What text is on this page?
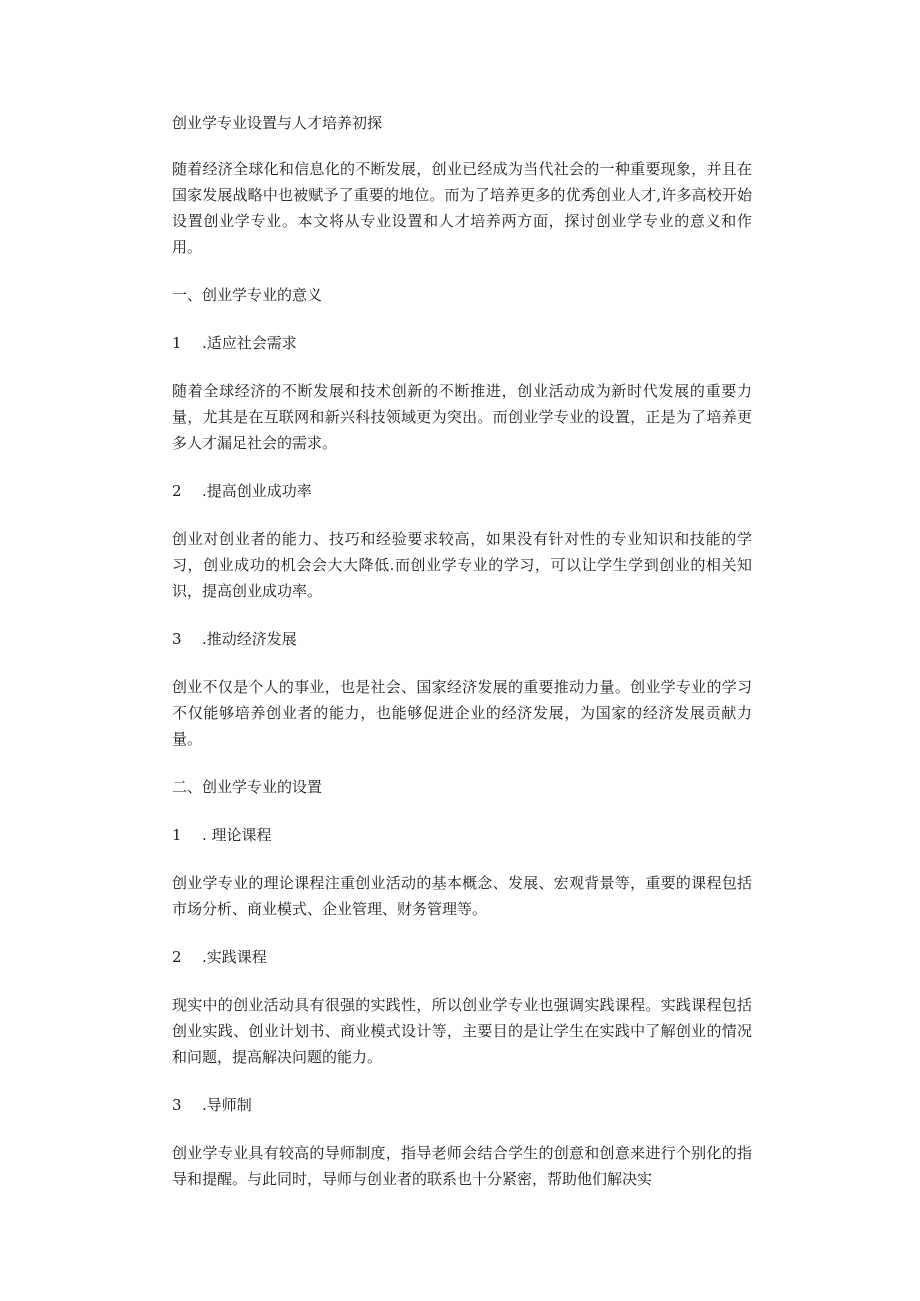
创业学专业设置与人才培养初探
随着经济全球化和信息化的不断发展，创业已经成为当代社会的一种重要现象，并且在国家发展战略中也被赋予了重要的地位。而为了培养更多的优秀创业人才,许多高校开始设置创业学专业。本文将从专业设置和人才培养两方面，探讨创业学专业的意义和作用。
一、创业学专业的意义
1 .适应社会需求
随着全球经济的不断发展和技术创新的不断推进，创业活动成为新时代发展的重要力量，尤其是在互联网和新兴科技领域更为突出。而创业学专业的设置，正是为了培养更多人才漏足社会的需求。
2 .提高创业成功率
创业对创业者的能力、技巧和经验要求较高，如果没有针对性的专业知识和技能的学习，创业成功的机会会大大降低.而创业学专业的学习，可以让学生学到创业的相关知识，提高创业成功率。
3 .推动经济发展
创业不仅是个人的事业，也是社会、国家经济发展的重要推动力量。创业学专业的学习不仅能够培养创业者的能力，也能够促进企业的经济发展，为国家的经济发展贡献力量。
二、创业学专业的设置
1 . 理论课程
创业学专业的理论课程注重创业活动的基本概念、发展、宏观背景等，重要的课程包括市场分析、商业模式、企业管理、财务管理等。
2 .实践课程
现实中的创业活动具有很强的实践性，所以创业学专业也强调实践课程。实践课程包括创业实践、创业计划书、商业模式设计等，主要目的是让学生在实践中了解创业的情况和问题，提高解决问题的能力。
3 .导师制
创业学专业具有较高的导师制度，指导老师会结合学生的创意和创意来进行个别化的指导和提醒。与此同时，导师与创业者的联系也十分紧密，帮助他们解决实
